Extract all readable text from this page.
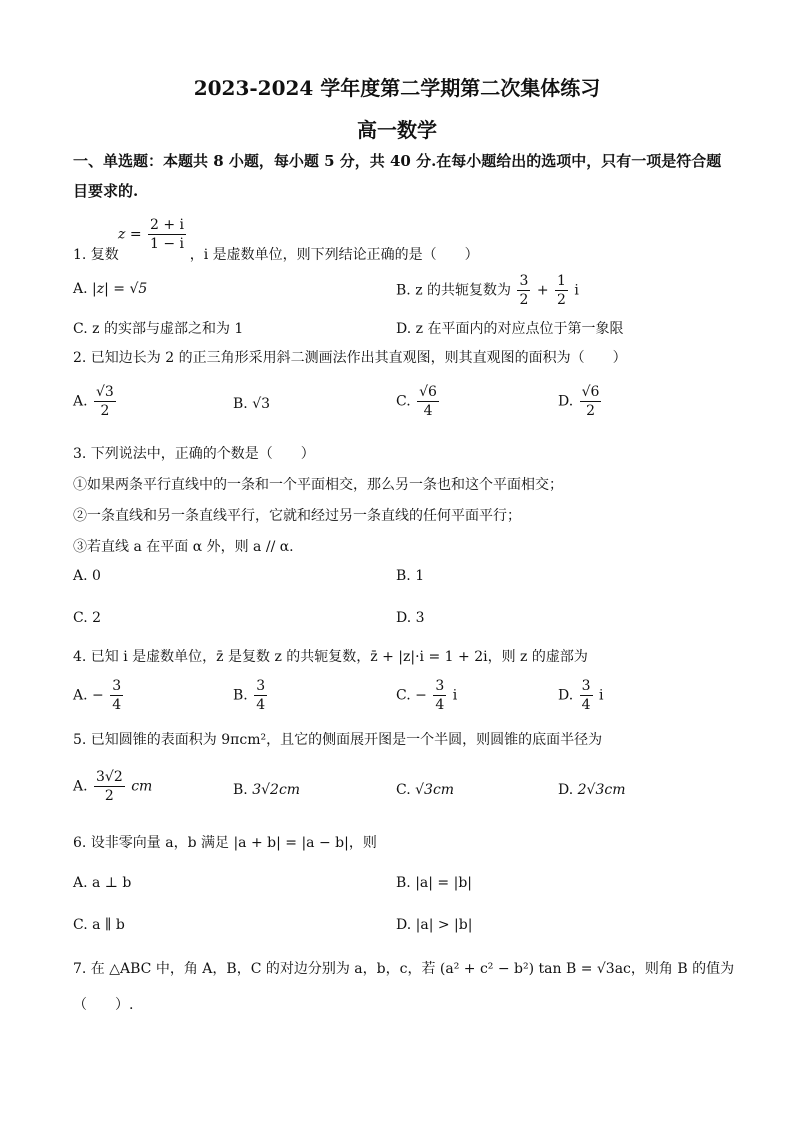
2023-2024 学年度第二学期第二次集体练习
高一数学
一、单选题：本题共 8 小题，每小题 5 分，共 40 分.在每小题给出的选项中，只有一项是符合题目要求的.
$z = \frac{2 + i}{1 - i}$
1. 复数	，i 是虚数单位，则下列结论正确的是（　　）
A. |z| = √5	B. z 的共轭复数为 $\frac{3}{2} + \frac{1}{2}$ i
C. z 的实部与虚部之和为 1	D. z 在平面内的对应点位于第一象限
2. 已知边长为 2 的正三角形采用斜二测画法作出其直观图，则其直观图的面积为（　　）
A. $\frac{√3}{2}$	B. √3	C. $\frac{√6}{4}$	D. $\frac{√6}{2}$
3. 下列说法中，正确的个数是（　　）
①如果两条平行直线中的一条和一个平面相交，那么另一条也和这个平面相交；
②一条直线和另一条直线平行，它就和经过另一条直线的任何平面平行；
③若直线 a 在平面 α 外，则 a // α.
A. 0	B. 1
C. 2	D. 3
4. 已知 i 是虚数单位，z̄ 是复数 z 的共轭复数，z̄ + |z|·i = 1 + 2i，则 z 的虚部为
A. − $\frac{3}{4}$	B. $\frac{3}{4}$	C. − $\frac{3}{4}$ i	D. $\frac{3}{4}$ i
5. 已知圆锥的表面积为 9πcm²，且它的侧面展开图是一个半圆，则圆锥的底面半径为
A. $\frac{3√2}{2}$ cm	B. 3√2cm	C. √3cm	D. 2√3cm
6. 设非零向量 a，b 满足 |a + b| = |a − b|，则
A. a ⊥ b	B. |a| = |b|
C. a ∥ b	D. |a| > |b|
7. 在 △ABC 中，角 A，B，C 的对边分别为 a，b，c，若 (a² + c² − b²) tan B = √3ac，则角 B 的值为
（　　）.
